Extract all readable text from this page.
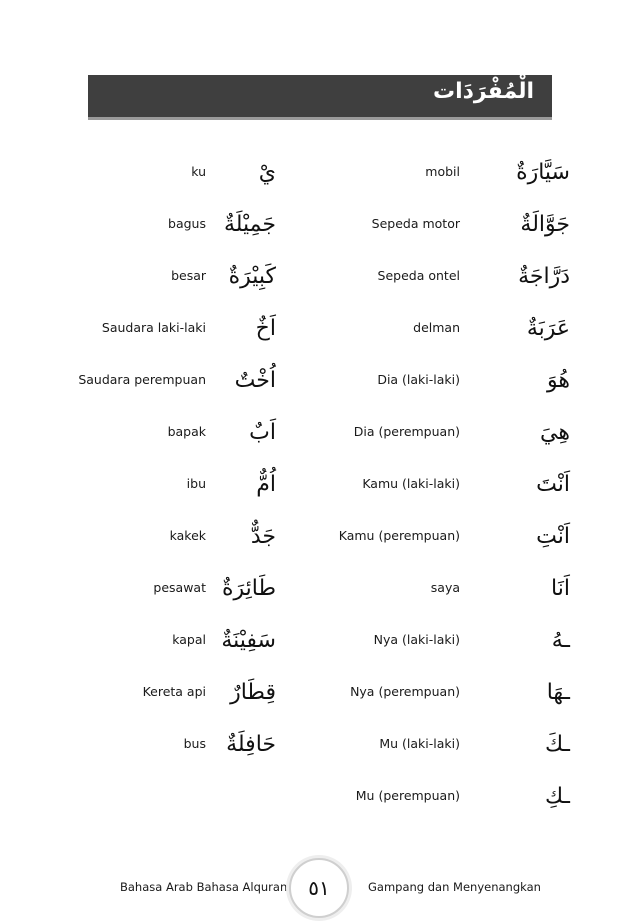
الْمُفْرَدَات
ku يْ
bagus جَمِيْلَةٌ
besar كَبِيْرَةٌ
Saudara laki-laki اَخٌ
Saudara perempuan اُخْتٌ
bapak اَبٌ
ibu اُمٌّ
kakek جَدٌّ
pesawat طَائِرَةٌ
kapal سَفِيْنَةٌ
Kereta api قِطَارٌ
bus حَافِلَةٌ
mobil	سَيَّارَةٌ
Sepeda motor	جَوَّالَةٌ
Sepeda ontel	دَرَّاجَةٌ
delman	عَرَبَةٌ
Dia (laki-laki)	هُوَ
Dia (perempuan)	هِيَ
Kamu (laki-laki)	اَنْتَ
Kamu (perempuan)	اَنْتِ
saya	اَنَا
Nya (laki-laki)	ـهُ
Nya (perempuan)	ـهَا
Mu (laki-laki)	ـكَ
Mu (perempuan)	ـكِ
Bahasa Arab Bahasa Alquran	٥١	Gampang dan Menyenangkan
